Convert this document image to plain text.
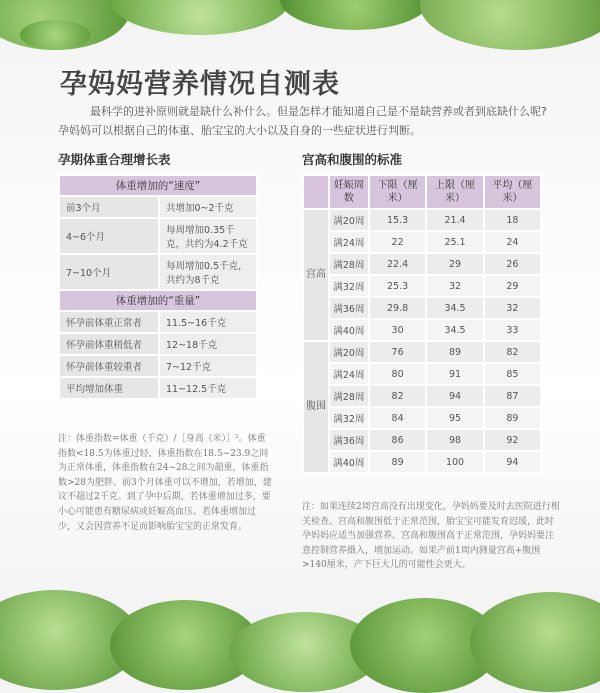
孕妈妈营养情况自测表

最科学的进补原则就是缺什么补什么。但是怎样才能知道自己是不是缺营养或者到底缺什么呢?

孕妈妈可以根据自己的体重、胎宝宝的大小以及自身的一些症状进行判断。

孕期体重合理增长表	宫高和腹围的标准
体重增加的“速度”	
前3个月	共增加0~2千克
4~6个月	每周增加0.35千克，共约为4.2千克
7~10个月	每周增加0.5千克，共约为8千克
体重增加的“重量”	
怀孕前体重正常者	11.5~16千克
怀孕前体重稍低者	12~18千克
怀孕前体重较重者	7~12千克
平均增加体重	11~12.5千克

注：体重指数=体重（千克）/［身高（米）］²。体重指数<18.5为体重过轻，体重指数在18.5~23.9之间为正常体重，体重指数在24~28之间为超重，体重指数>28为肥胖。前3个月体重可以不增加，若增加，建议不超过2千克。到了孕中后期，若体重增加过多，要小心可能患有糖尿病或妊娠高血压。若体重增加过少，又会因营养不足而影响胎宝宝的正常发育。

	妊娠周数	下限（厘米）	上限（厘米）	平均（厘米）
宫高	满20周	15.3	21.4	18
	满24周	22	25.1	24
	满28周	22.4	29	26
	满32周	25.3	32	29
	满36周	29.8	34.5	32
	满40周	30	34.5	33
腹围	满20周	76	89	82
	满24周	80	91	85
	满28周	82	94	87
	满32周	84	95	89
	满36周	86	98	92
	满40周	89	100	94

注：如果连续2周宫高没有出现变化，孕妈妈要及时去医院进行相关检查。宫高和腹围低于正常范围，胎宝宝可能发育迟缓，此时孕妈妈应适当加强营养。宫高和腹围高于正常范围，孕妈妈要注意控制营养摄入，增加运动。如果产前1周内测量宫高+腹围>140厘米，产下巨大儿的可能性会更大。
